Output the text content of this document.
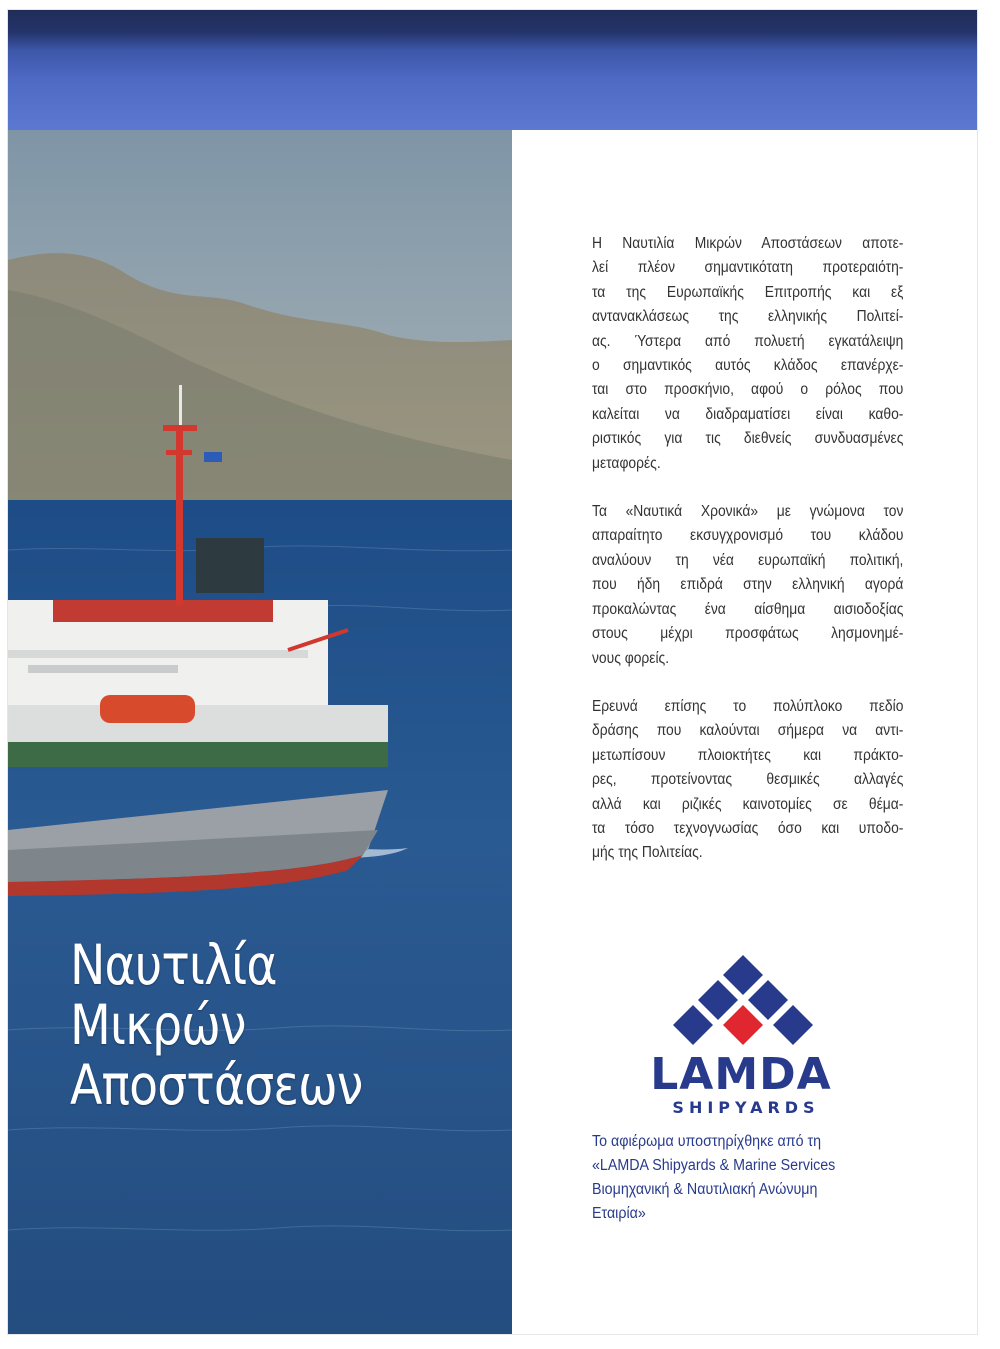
Ναυτιλία
Μικρών
Αποστάσεων

Η Ναυτιλία Μικρών Αποστάσεων αποτε-
λεί πλέον σημαντικότατη προτεραιότη-
τα της Ευρωπαϊκής Επιτροπής και εξ
αντανακλάσεως της ελληνικής Πολιτεί-
ας. Ύστερα από πολυετή εγκατάλειψη
ο σημαντικός αυτός κλάδος επανέρχε-
ται στο προσκήνιο, αφού ο ρόλος που
καλείται να διαδραματίσει είναι καθο-
ριστικός για τις διεθνείς συνδυασμένες
μεταφορές.

Τα «Ναυτικά Χρονικά» με γνώμονα τον
απαραίτητο εκσυγχρονισμό του κλάδου
αναλύουν τη νέα ευρωπαϊκή πολιτική,
που ήδη επιδρά στην ελληνική αγορά
προκαλώντας ένα αίσθημα αισιοδοξίας
στους μέχρι προσφάτως λησμονημέ-
νους φορείς.

Ερευνά επίσης το πολύπλοκο πεδίο
δράσης που καλούνται σήμερα να αντι-
μετωπίσουν πλοιοκτήτες και πράκτο-
ρες, προτείνοντας θεσμικές αλλαγές
αλλά και ριζικές καινοτομίες σε θέμα-
τα τόσο τεχνογνωσίας όσο και υποδο-
μής της Πολιτείας.

LAMDA
SHIPYARDS
Το αφιέρωμα υποστηρίχθηκε από τη
«LAMDA Shipyards & Marine Services
Βιομηχανική & Ναυτιλιακή Ανώνυμη
Εταιρία»
